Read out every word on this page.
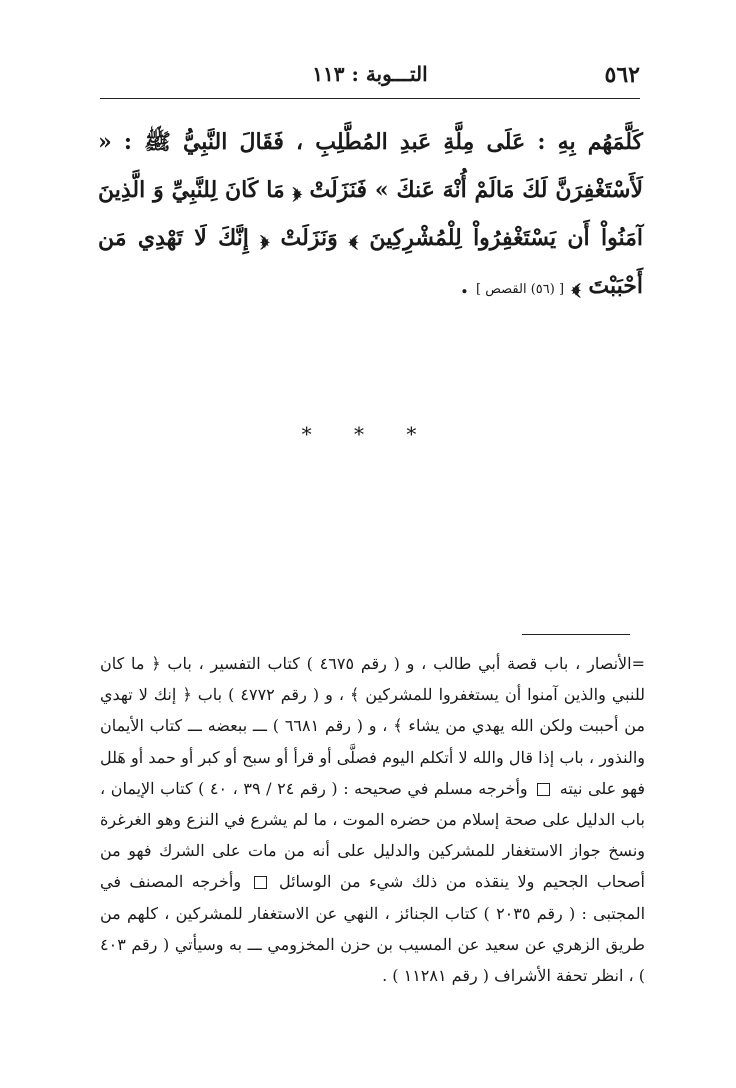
٥٦٢
التـــوبة : ١١٣
كَلَّمَهُم بِهِ : عَلَى مِلَّةِ عَبدِ المُطَّلِبِ ، فَقَالَ النَّبِيُّ ﷺ : « لَأَسْتَغْفِرَنَّ لَكَ مَالَمْ أُنْهَ عَنكَ » فَنَزَلَتْ ﴿ مَا كَانَ لِلنَّبِيِّ وَ الَّذِينَ آمَنُواْ أَن يَسْتَغْفِرُواْ لِلْمُشْرِكِينَ ﴾ وَنَزَلَتْ ﴿ إِنَّكَ لَا تَهْدِي مَن أَحْبَبْتَ ﴾ [ (٥٦) القصص ] .
* * *
=الأنصار ، باب قصة أبي طالب ، و ( رقم ٤٦٧٥ ) كتاب التفسير ، باب ﴿ ما كان للنبي والذين آمنوا أن يستغفروا للمشركين ﴾ ، و ( رقم ٤٧٧٢ ) باب ﴿ إنك لا تهدي من أحببت ولكن الله يهدي من يشاء ﴾ ، و ( رقم ٦٦٨١ ) ـــ ببعضه ـــ كتاب الأيمان والنذور ، باب إذا قال والله لا أتكلم اليوم فصلَّى أو قرأ أو سبح أو كبر أو حمد أو هَلل فهو على نيته  وأخرجه مسلم في صحيحه : ( رقم ٢٤ / ٣٩ ، ٤٠ ) كتاب الإيمان ، باب الدليل على صحة إسلام من حضره الموت ، ما لم يشرع في النزع وهو الغرغرة ونسخ جواز الاستغفار للمشركين والدليل على أنه من مات على الشرك فهو من أصحاب الجحيم ولا ينقذه من ذلك شيء من الوسائل  وأخرجه المصنف في المجتبى : ( رقم ٢٠٣٥ ) كتاب الجنائز ، النهي عن الاستغفار للمشركين ، كلهم من طريق الزهري عن سعيد عن المسيب بن حزن المخزومي ـــ به وسيأتي ( رقم ٤٠٣ ) ، انظر تحفة الأشراف ( رقم ١١٢٨١ ) .
